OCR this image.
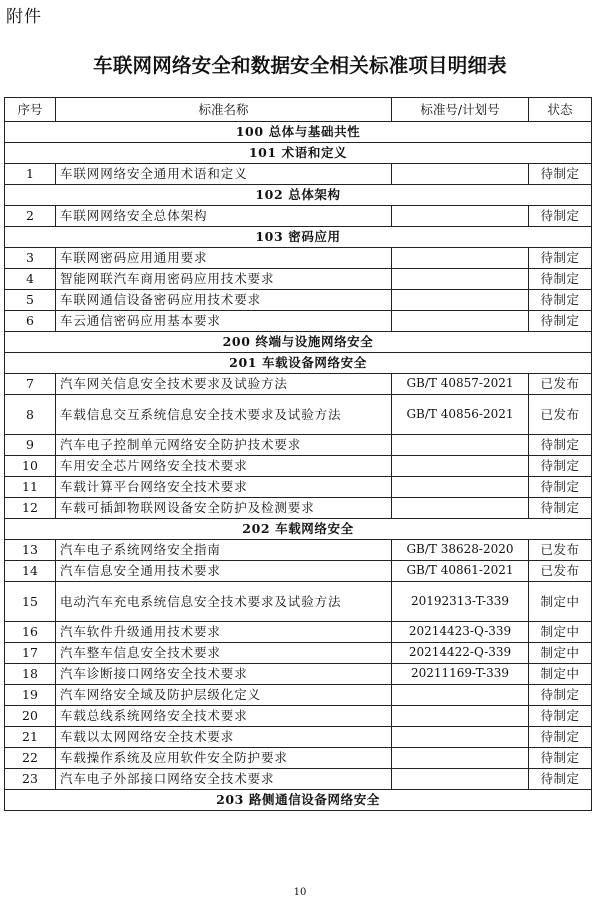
附件
车联网网络安全和数据安全相关标准项目明细表
序号	标准名称	标准号/计划号	状态
100 总体与基础共性			
101 术语和定义			
1	车联网网络安全通用术语和定义		待制定
102 总体架构			
2	车联网网络安全总体架构		待制定
103 密码应用			
3	车联网密码应用通用要求		待制定
4	智能网联汽车商用密码应用技术要求		待制定
5	车联网通信设备密码应用技术要求		待制定
6	车云通信密码应用基本要求		待制定
200 终端与设施网络安全			
201 车载设备网络安全			
7	汽车网关信息安全技术要求及试验方法	GB/T 40857-2021	已发布
8	车载信息交互系统信息安全技术要求及试验方法	GB/T 40856-2021	已发布
9	汽车电子控制单元网络安全防护技术要求		待制定
10	车用安全芯片网络安全技术要求		待制定
11	车载计算平台网络安全技术要求		待制定
12	车载可插卸物联网设备安全防护及检测要求		待制定
202 车载网络安全			
13	汽车电子系统网络安全指南	GB/T 38628-2020	已发布
14	汽车信息安全通用技术要求	GB/T 40861-2021	已发布
15	电动汽车充电系统信息安全技术要求及试验方法	20192313-T-339	制定中
16	汽车软件升级通用技术要求	20214423-Q-339	制定中
17	汽车整车信息安全技术要求	20214422-Q-339	制定中
18	汽车诊断接口网络安全技术要求	20211169-T-339	制定中
19	汽车网络安全域及防护层级化定义		待制定
20	车载总线系统网络安全技术要求		待制定
21	车载以太网网络安全技术要求		待制定
22	车载操作系统及应用软件安全防护要求		待制定
23	汽车电子外部接口网络安全技术要求		待制定
203 路侧通信设备网络安全			
10
